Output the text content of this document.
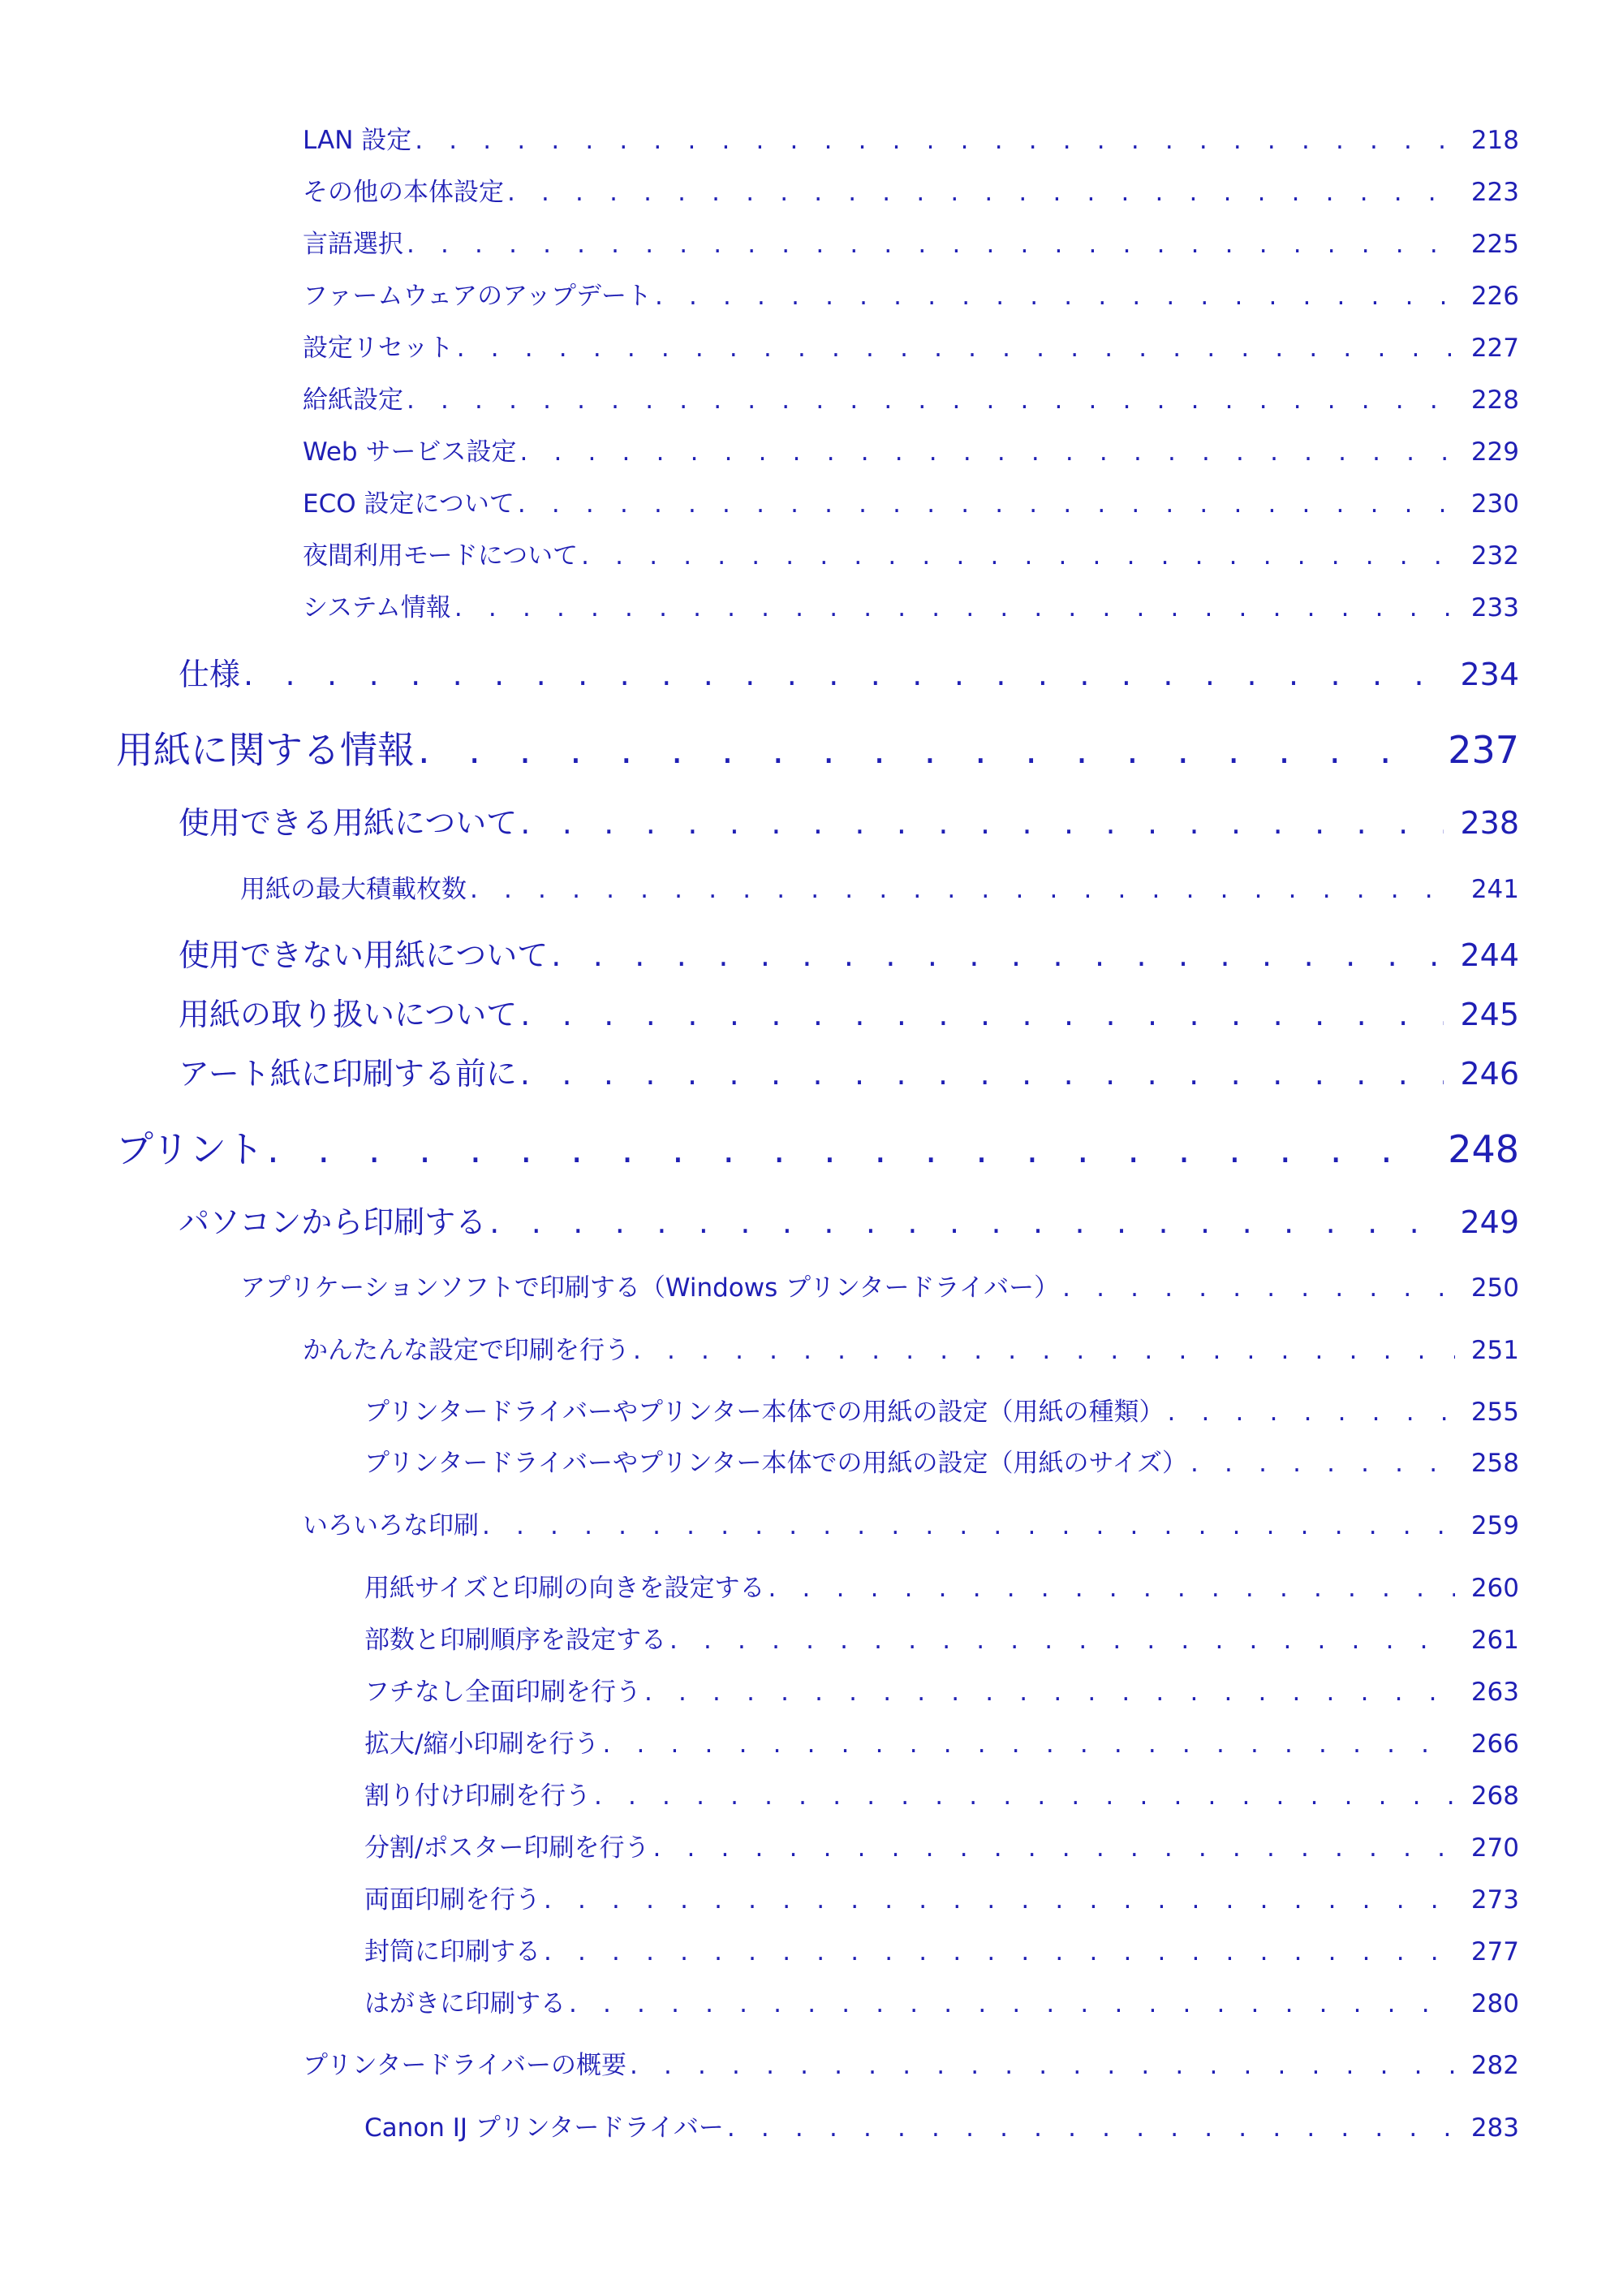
LAN 設定 . . .	218
その他の本体設定 . . .	223
言語選択 . . .	225
ファームウェアのアップデート . . .	226
設定リセット . . .	227
給紙設定 . . .	228
Web サービス設定 . . .	229
ECO 設定について . . .	230
夜間利用モードについて . . .	232
システム情報 . . .	233
仕様 . . .	234
用紙に関する情報 . . .	237
使用できる用紙について . . .	238
用紙の最大積載枚数 . . .	241
使用できない用紙について . . .	244
用紙の取り扱いについて . . .	245
アート紙に印刷する前に . . .	246
プリント . . .	248
パソコンから印刷する . . .	249
アプリケーションソフトで印刷する（Windows プリンタードライバー） . . .	250
かんたんな設定で印刷を行う . . .	251
プリンタードライバーやプリンター本体での用紙の設定（用紙の種類） . . .	255
プリンタードライバーやプリンター本体での用紙の設定（用紙のサイズ） . . .	258
いろいろな印刷 . . .	259
用紙サイズと印刷の向きを設定する . . .	260
部数と印刷順序を設定する . . .	261
フチなし全面印刷を行う . . .	263
拡大/縮小印刷を行う . . .	266
割り付け印刷を行う . . .	268
分割/ポスター印刷を行う . . .	270
両面印刷を行う . . .	273
封筒に印刷する . . .	277
はがきに印刷する . . .	280
プリンタードライバーの概要 . . .	282
Canon IJ プリンタードライバー . . .	283
